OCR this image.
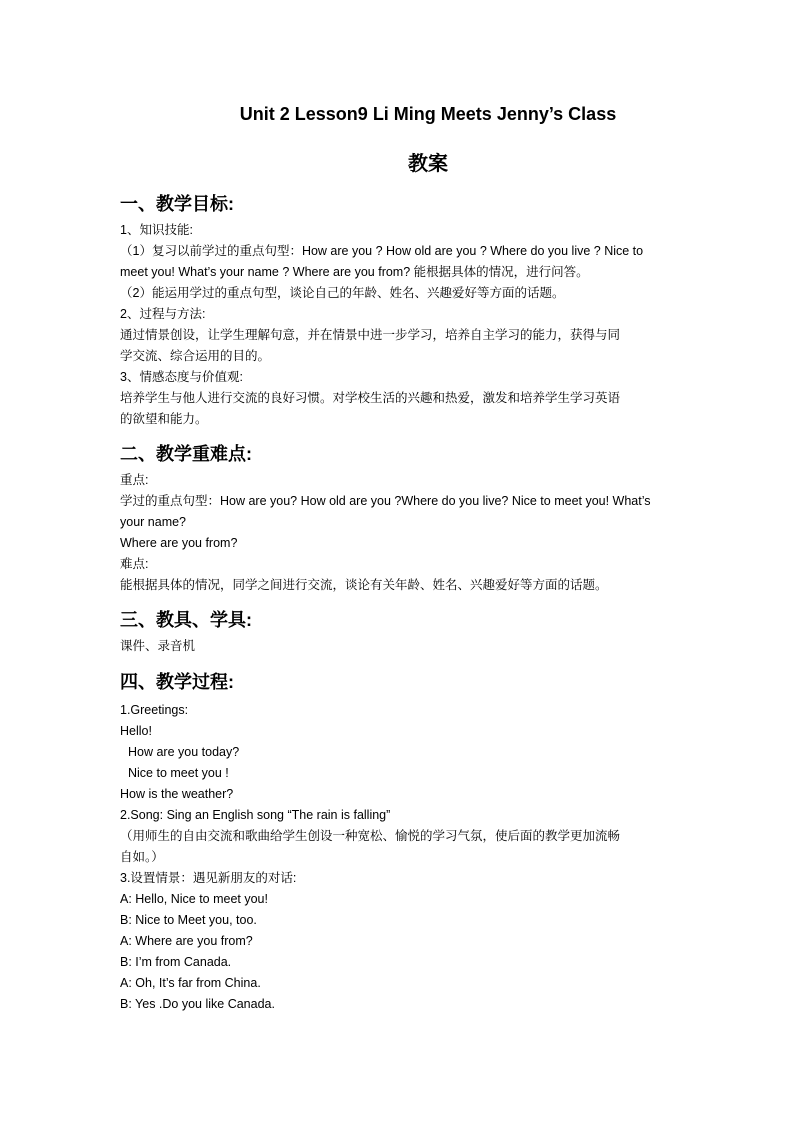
Unit 2 Lesson9 Li Ming Meets Jenny’s Class
教案
一、教学目标:
1、知识技能:
（1）复习以前学过的重点句型：How are you ? How old are you ? Where do you live ? Nice to
meet you! What’s your name ? Where are you from? 能根据具体的情况，进行问答。
（2）能运用学过的重点句型，谈论自己的年龄、姓名、兴趣爱好等方面的话题。
2、过程与方法:
通过情景创设，让学生理解句意，并在情景中进一步学习，培养自主学习的能力，获得与同
学交流、综合运用的目的。
3、情感态度与价值观:
培养学生与他人进行交流的良好习惯。对学校生活的兴趣和热爱，激发和培养学生学习英语
的欲望和能力。
二、教学重难点:
重点:
学过的重点句型：How are you? How old are you ?Where do you live? Nice to meet you! What’s
your name?
Where are you from?
难点:
能根据具体的情况，同学之间进行交流，谈论有关年龄、姓名、兴趣爱好等方面的话题。
三、教具、学具:
课件、录音机
四、教学过程:
1.Greetings:
Hello!
How are you today?
Nice to meet you !
How is the weather?
2.Song: Sing an English song “The rain is falling”
（用师生的自由交流和歌曲给学生创设一种宽松、愉悦的学习气氛，使后面的教学更加流畅
自如。）
3.设置情景：遇见新朋友的对话:
A: Hello, Nice to meet you!
B: Nice to Meet you, too.
A: Where are you from?
B: I’m from Canada.
A: Oh, It’s far from China.
B: Yes .Do you like Canada.
